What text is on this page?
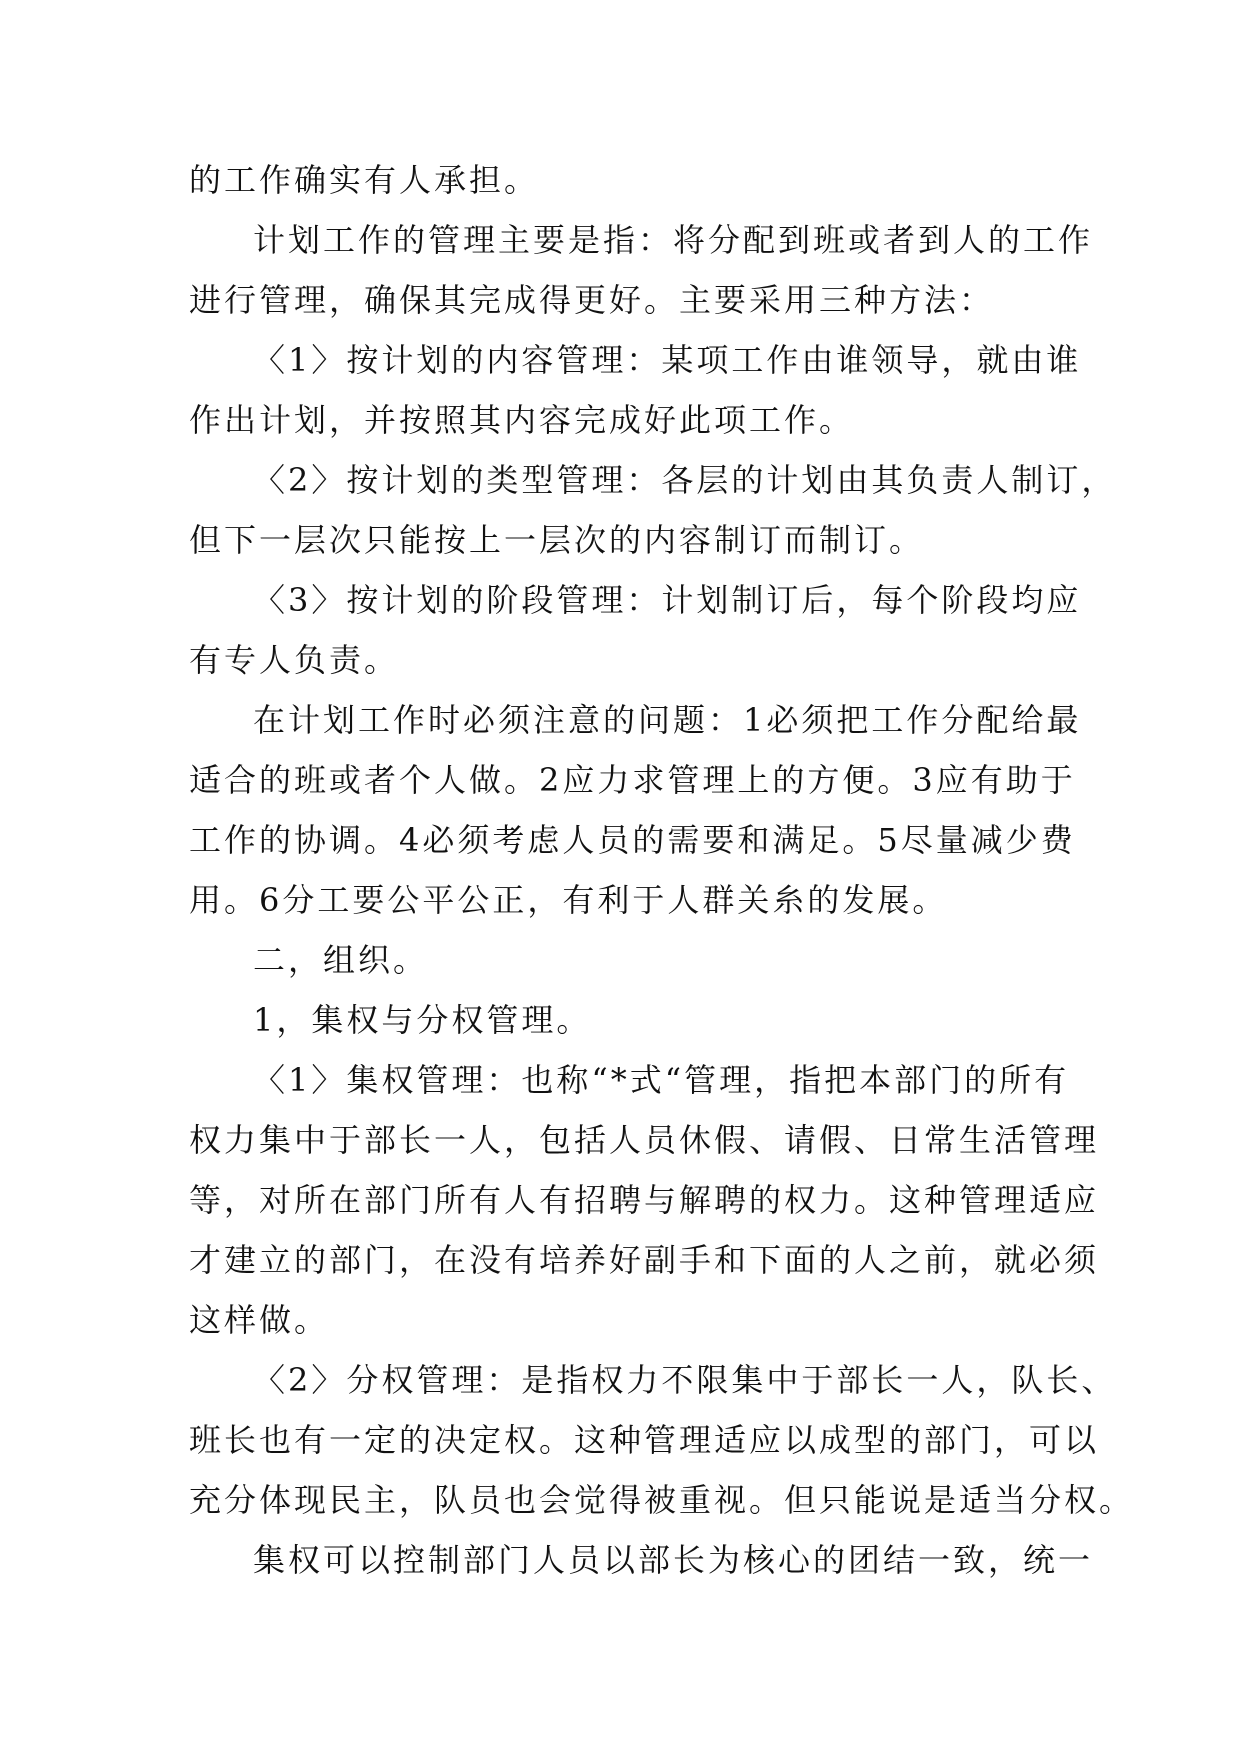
的工作确实有人承担。
计划工作的管理主要是指：将分配到班或者到人的工作
进行管理，确保其完成得更好。主要采用三种方法：
〈1〉按计划的内容管理：某项工作由谁领导，就由谁
作出计划，并按照其内容完成好此项工作。
〈2〉按计划的类型管理：各层的计划由其负责人制订，
但下一层次只能按上一层次的内容制订而制订。
〈3〉按计划的阶段管理：计划制订后，每个阶段均应
有专人负责。
在计划工作时必须注意的问题：1必须把工作分配给最
适合的班或者个人做。2应力求管理上的方便。3应有助于
工作的协调。4必须考虑人员的需要和满足。5尽量减少费
用。6分工要公平公正，有利于人群关糸的发展。
二，组织。
1，集权与分权管理。
〈1〉集权管理：也称“*式“管理，指把本部门的所有
权力集中于部长一人，包括人员休假、请假、日常生活管理
等，对所在部门所有人有招聘与解聘的权力。这种管理适应
才建立的部门，在没有培养好副手和下面的人之前，就必须
这样做。
〈2〉分权管理：是指权力不限集中于部长一人，队长、
班长也有一定的决定权。这种管理适应以成型的部门，可以
充分体现民主，队员也会觉得被重视。但只能说是适当分权。
集权可以控制部门人员以部长为核心的团结一致，统一
